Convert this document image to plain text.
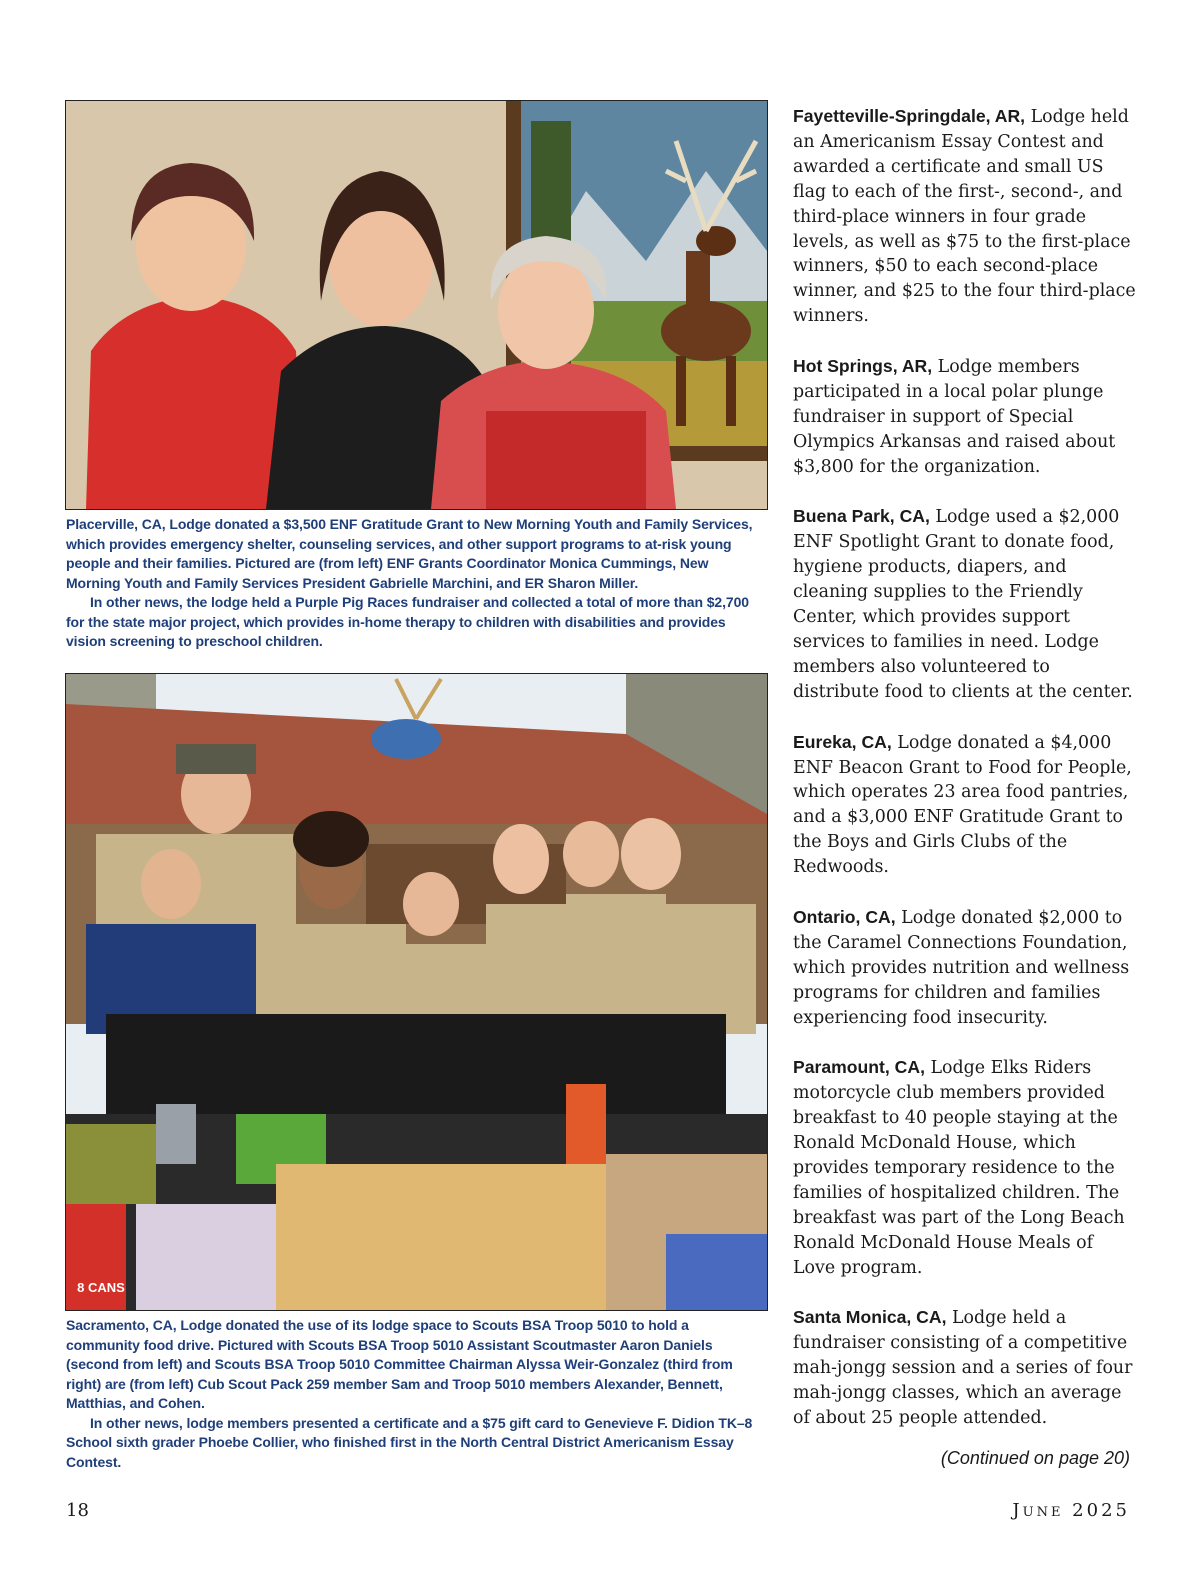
Placerville, CA, Lodge donated a $3,500 ENF Gratitude Grant to New Morning Youth and Family Services, which provides emergency shelter, counseling services, and other support programs to at-risk young people and their families. Pictured are (from left) ENF Grants Coordinator Monica Cummings, New Morning Youth and Family Services President Gabrielle Marchini, and ER Sharon Miller.

In other news, the lodge held a Purple Pig Races fundraiser and collected a total of more than $2,700 for the state major project, which provides in-home therapy to children with disabilities and provides vision screening to preschool children.

8 CANS

Sacramento, CA, Lodge donated the use of its lodge space to Scouts BSA Troop 5010 to hold a community food drive. Pictured with Scouts BSA Troop 5010 Assistant Scoutmaster Aaron Daniels (second from left) and Scouts BSA Troop 5010 Committee Chairman Alyssa Weir-Gonzalez (third from right) are (from left) Cub Scout Pack 259 member Sam and Troop 5010 members Alexander, Bennett, Matthias, and Cohen.

In other news, lodge members presented a certificate and a $75 gift card to Genevieve F. Didion TK–8 School sixth grader Phoebe Collier, who finished first in the North Central District Americanism Essay Contest.

Fayetteville-Springdale, AR, Lodge held an Americanism Essay Contest and awarded a certificate and small US flag to each of the first-, second-, and third-place winners in four grade levels, as well as $75 to the first-place winners, $50 to each second-place winner, and $25 to the four third-place winners.

Hot Springs, AR, Lodge members participated in a local polar plunge fundraiser in support of Special Olympics Arkansas and raised about $3,800 for the organization.

Buena Park, CA, Lodge used a $2,000 ENF Spotlight Grant to donate food, hygiene products, diapers, and cleaning supplies to the Friendly Center, which provides support services to families in need. Lodge members also volunteered to distribute food to clients at the center.

Eureka, CA, Lodge donated a $4,000 ENF Beacon Grant to Food for People, which operates 23 area food pantries, and a $3,000 ENF Gratitude Grant to the Boys and Girls Clubs of the Redwoods.

Ontario, CA, Lodge donated $2,000 to the Caramel Connections Foundation, which provides nutrition and wellness programs for children and families experiencing food insecurity.

Paramount, CA, Lodge Elks Riders motorcycle club members provided breakfast to 40 people staying at the Ronald McDonald House, which provides temporary residence to the families of hospitalized children. The breakfast was part of the Long Beach Ronald McDonald House Meals of Love program.

Santa Monica, CA, Lodge held a fundraiser consisting of a competitive mah-jongg session and a series of four mah-jongg classes, which an average of about 25 people attended.

(Continued on page 20)
18	June 2025
